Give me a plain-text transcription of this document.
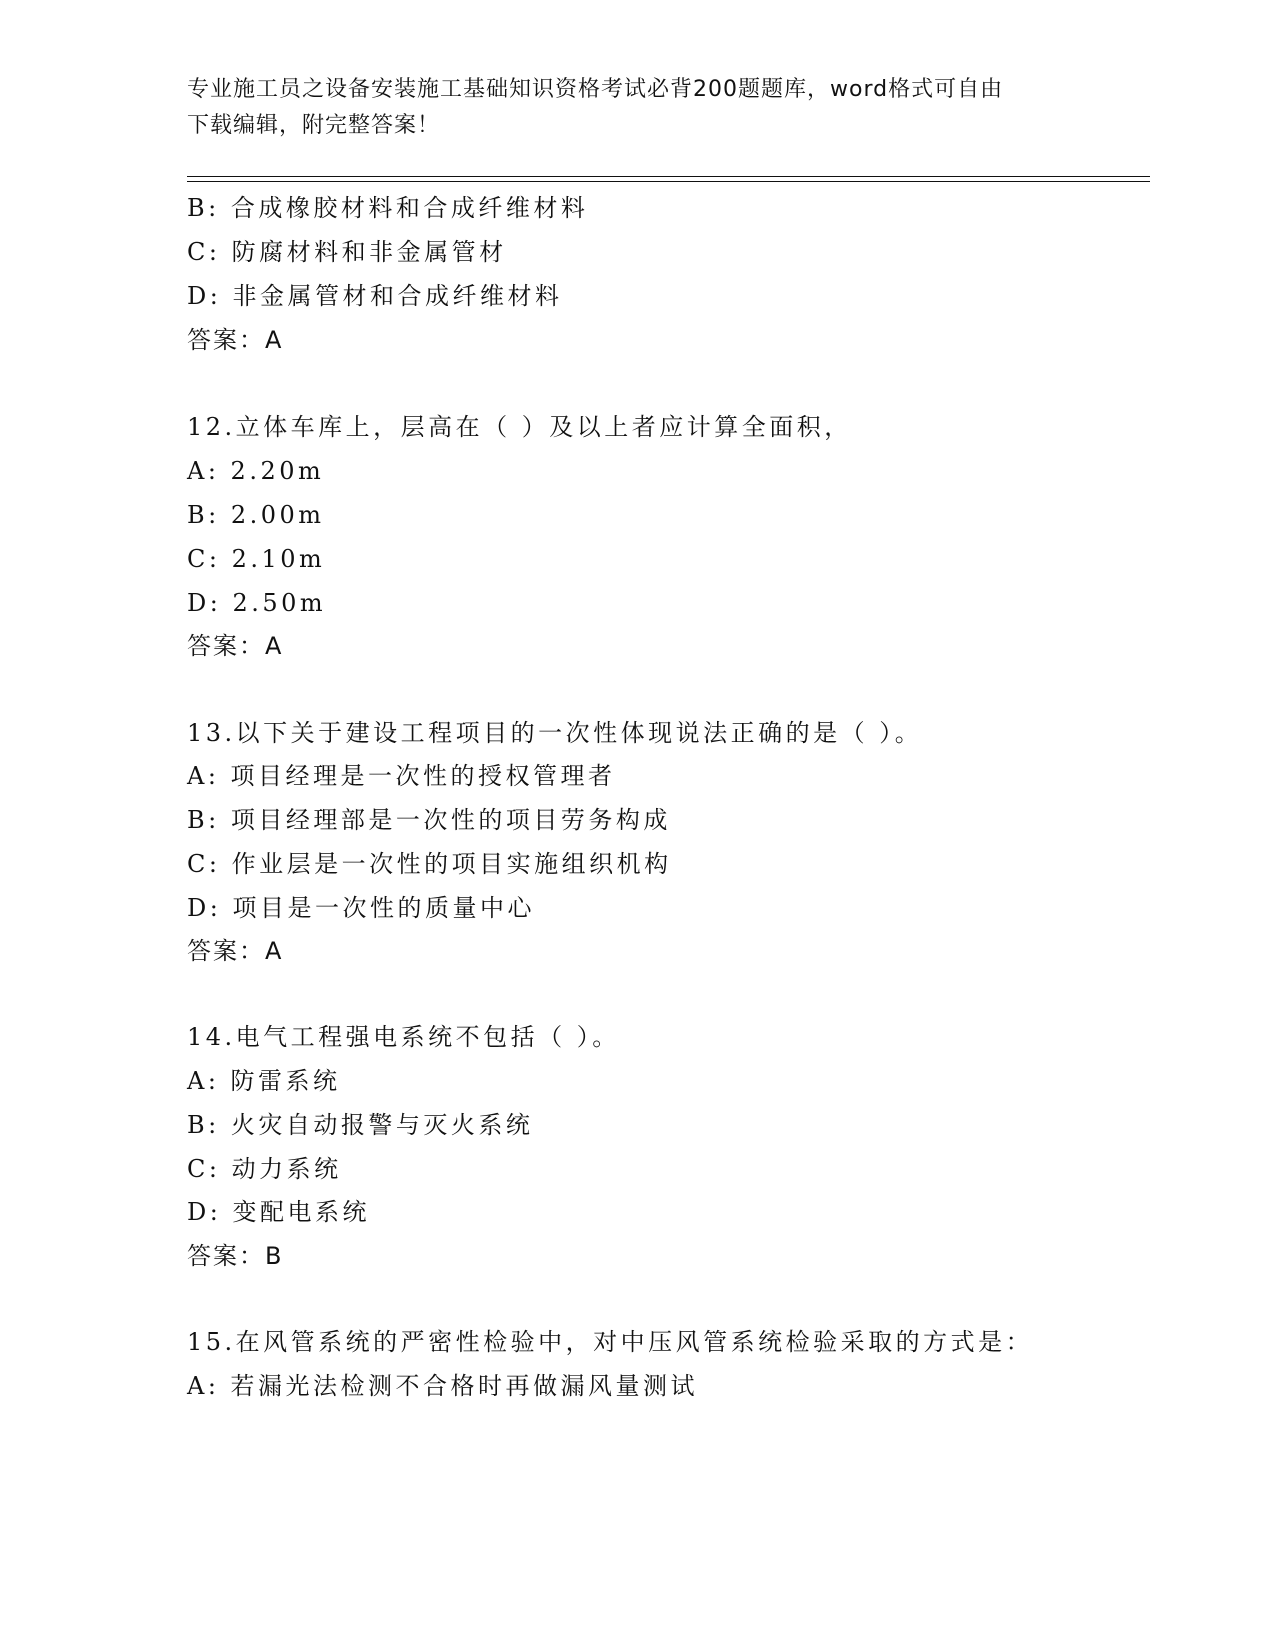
专业施工员之设备安装施工基础知识资格考试必背200题题库，word格式可自由
下载编辑，附完整答案！
B: 合成橡胶材料和合成纤维材料
C: 防腐材料和非金属管材
D: 非金属管材和合成纤维材料
答案：A
12.立体车库上，层高在（ ）及以上者应计算全面积，
A: 2.20m
B: 2.00m
C: 2.10m
D: 2.50m
答案：A
13.以下关于建设工程项目的一次性体现说法正确的是（ ）。
A: 项目经理是一次性的授权管理者
B: 项目经理部是一次性的项目劳务构成
C: 作业层是一次性的项目实施组织机构
D: 项目是一次性的质量中心
答案：A
14.电气工程强电系统不包括（ ）。
A: 防雷系统
B: 火灾自动报警与灭火系统
C: 动力系统
D: 变配电系统
答案：B
15.在风管系统的严密性检验中，对中压风管系统检验采取的方式是：
A: 若漏光法检测不合格时再做漏风量测试
